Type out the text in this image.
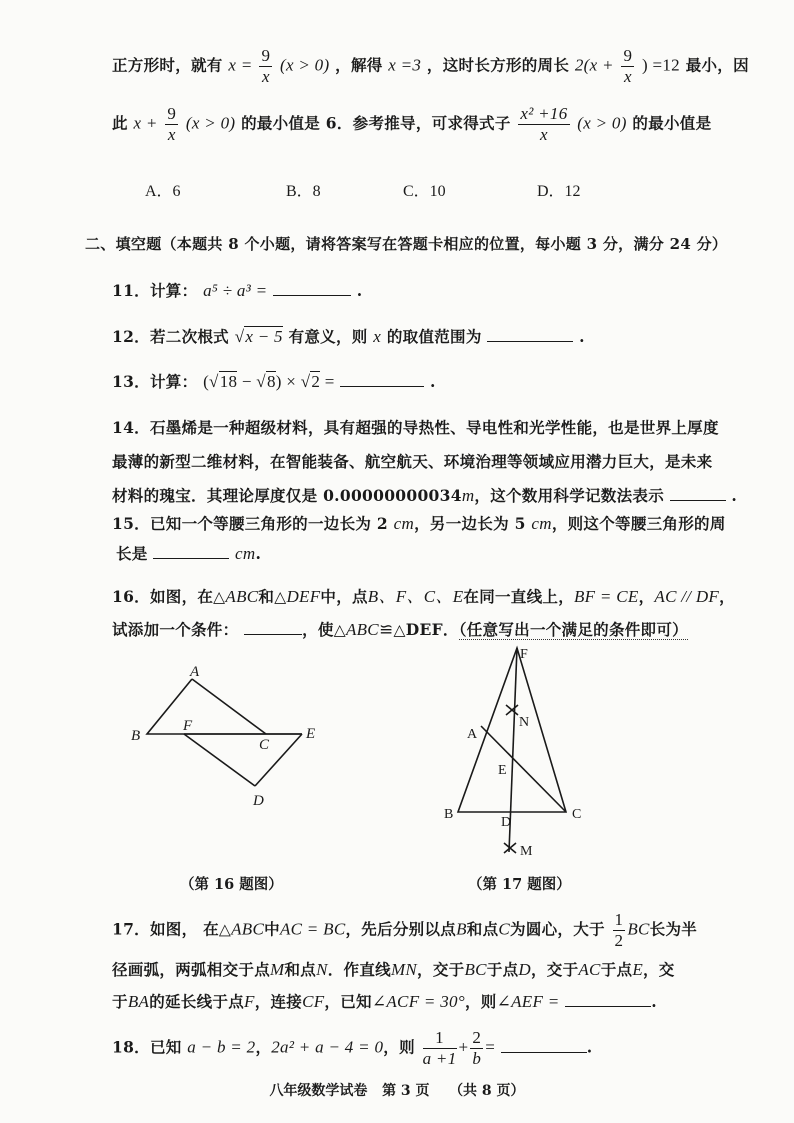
正方形时，就有 $x = \frac{9}{x} (x > 0)$ ，解得 x =3 ，这时长方形的周长 $2(x + \frac{9}{x}$ ) =12 最小，因
此 $x + \frac{9}{x} (x > 0)$ 的最小值是 6．参考推导，可求得式子 $\frac{\text{x² +16}}{x} (x > 0)$ 的最小值是
A．6	B．8	C．10	D．12
二、填空题（本题共 8 个小题，请将答案写在答题卡相应的位置，每小题 3 分，满分 24 分）
11．计算： a⁵ ÷ a³ =	.
12．若二次根式 √x − 5 有意义，则 x 的取值范围为	.
13．计算： (√18 − √8) × √2 =	.
14．石墨烯是一种超级材料，具有超强的导热性、导电性和光学性能，也是世界上厚度
最薄的新型二维材料，在智能装备、航空航天、环境治理等领域应用潜力巨大，是未来
材料的瑰宝．其理论厚度仅是 0.00000000034m，这个数用科学记数法表示	.
15．已知一个等腰三角形的一边长为 2 cm，另一边长为 5 cm，则这个等腰三角形的周
长是	cm.
16．如图，在△ABC和△DEF中，点B、F、C、E在同一直线上，BF = CE，AC // DF，
试添加一个条件：	，使△ABC≌△DEF．（任意写出一个满足的条件即可）
A
B
F
C
E
D
F
N
A
E
B
D
C
M
（第 16 题图）	（第 17 题图）
17．如图， 在△ABC中AC = BC，先后分别以点B和点C为圆心，大于 $\frac{1}{2}$ BC长为半
径画弧，两弧相交于点M和点N．作直线MN，交于BC于点D，交于AC于点E，交
于BA的延长线于点F，连接CF，已知∠ACF = 30°，则∠AEF =	.
18．已知 a − b = 2，2a² + a − 4 = 0，则 $\frac{1}{a +1} + \frac{2}{b}$ =	.
八年级数学试卷 第 3 页 （共 8 页）
